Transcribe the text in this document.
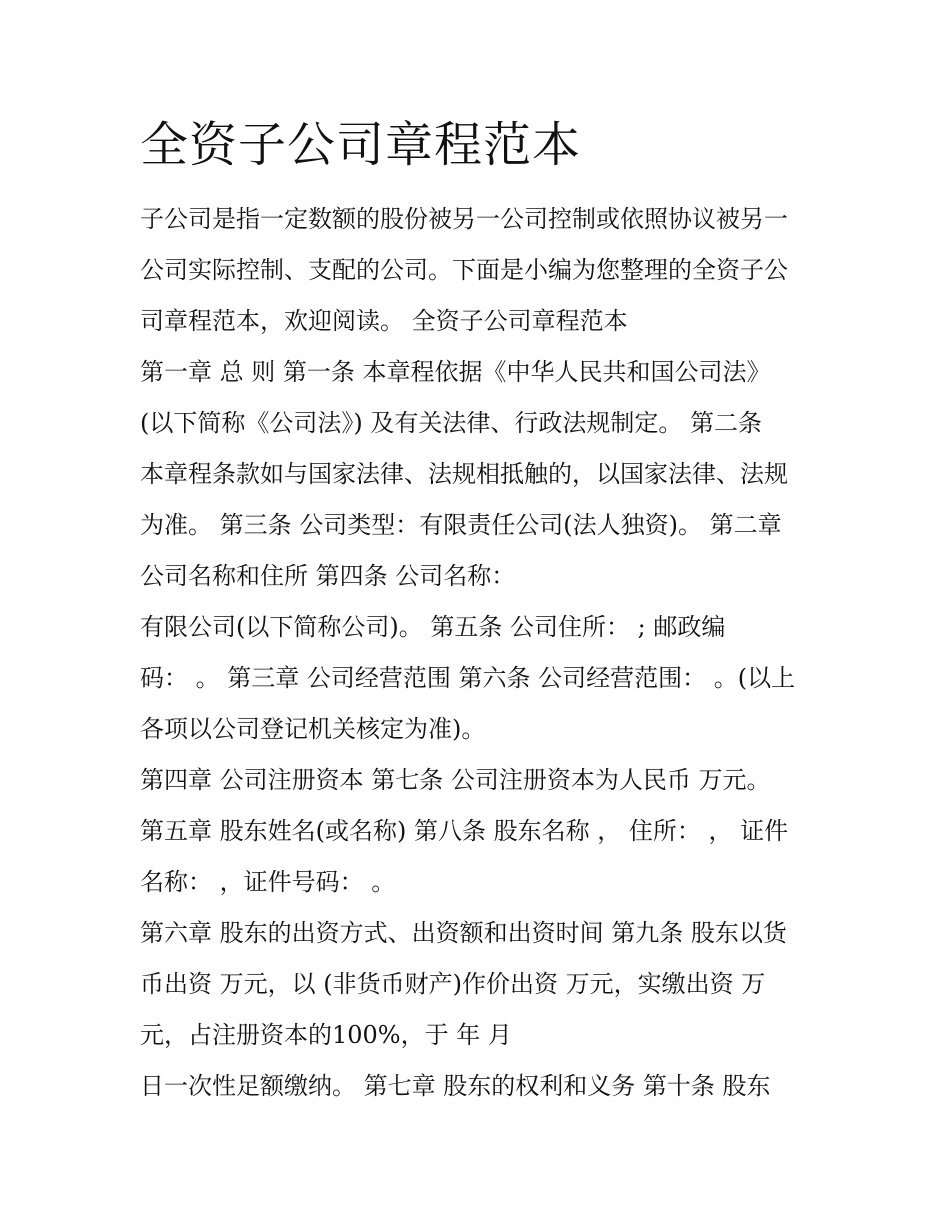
全资子公司章程范本
子公司是指一定数额的股份被另一公司控制或依照协议被另一
公司实际控制、支配的公司。下面是小编为您整理的全资子公
司章程范本，欢迎阅读。 全资子公司章程范本
第一章 总 则 第一条 本章程依据《中华人民共和国公司法》
(以下简称《公司法》) 及有关法律、行政法规制定。 第二条
本章程条款如与国家法律、法规相抵触的，以国家法律、法规
为准。 第三条 公司类型：有限责任公司(法人独资)。 第二章
公司名称和住所 第四条 公司名称：
有限公司(以下简称公司)。 第五条 公司住所： ; 邮政编
码： 。 第三章 公司经营范围 第六条 公司经营范围： 。(以上
各项以公司登记机关核定为准)。
第四章 公司注册资本 第七条 公司注册资本为人民币 万元。
第五章 股东姓名(或名称) 第八条 股东名称 ， 住所： ， 证件
名称： ，证件号码： 。
第六章 股东的出资方式、出资额和出资时间 第九条 股东以货
币出资 万元，以 (非货币财产)作价出资 万元，实缴出资 万
元，占注册资本的100%，于 年 月
日一次性足额缴纳。 第七章 股东的权利和义务 第十条 股东
